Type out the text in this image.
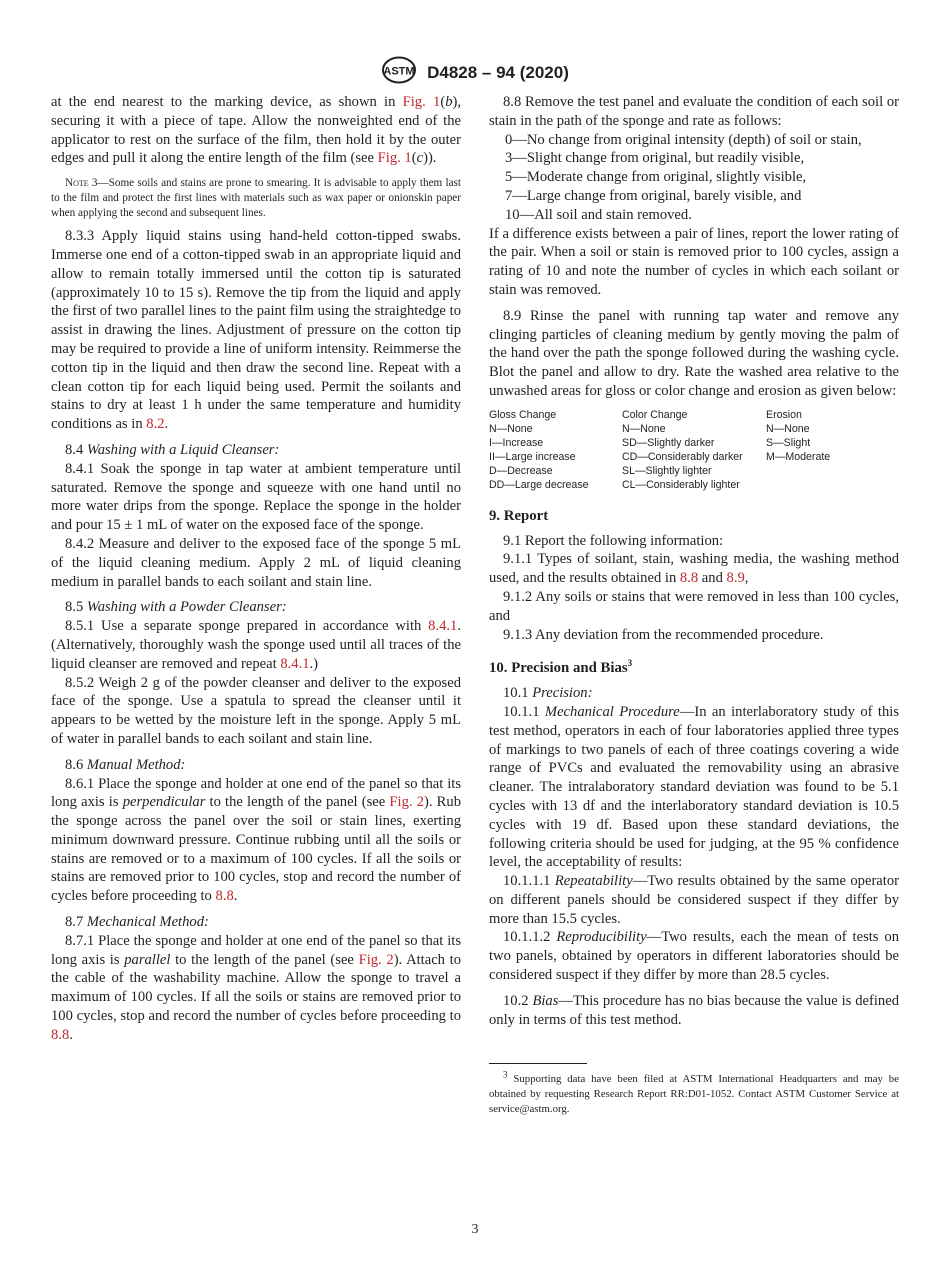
ASTM D4828 – 94 (2020)

at the end nearest to the marking device, as shown in Fig. 1(b), securing it with a piece of tape. Allow the nonweighted end of the applicator to rest on the surface of the film, then hold it by the outer edges and pull it along the entire length of the film (see Fig. 1(c)).

Note 3—Some soils and stains are prone to smearing. It is advisable to apply them last to the film and protect the first lines with materials such as wax paper or onionskin paper when applying the second and subsequent lines.

8.3.3 Apply liquid stains using hand-held cotton-tipped swabs. Immerse one end of a cotton-tipped swab in an appropriate liquid and allow to remain totally immersed until the cotton tip is saturated (approximately 10 to 15 s). Remove the tip from the liquid and apply the first of two parallel lines to the paint film using the straightedge to assist in drawing the lines. Adjustment of pressure on the cotton tip may be required to provide a line of uniform intensity. Reimmerse the cotton tip in the liquid and then draw the second line. Repeat with a clean cotton tip for each liquid being used. Permit the soilants and stains to dry at least 1 h under the same temperature and humidity conditions as in 8.2.

8.4 Washing with a Liquid Cleanser:

8.4.1 Soak the sponge in tap water at ambient temperature until saturated. Remove the sponge and squeeze with one hand until no more water drips from the sponge. Replace the sponge in the holder and pour 15 ± 1 mL of water on the exposed face of the sponge.

8.4.2 Measure and deliver to the exposed face of the sponge 5 mL of the liquid cleaning medium. Apply 2 mL of liquid cleaning medium in parallel bands to each soilant and stain line.

8.5 Washing with a Powder Cleanser:

8.5.1 Use a separate sponge prepared in accordance with 8.4.1. (Alternatively, thoroughly wash the sponge used until all traces of the liquid cleanser are removed and repeat 8.4.1.)

8.5.2 Weigh 2 g of the powder cleanser and deliver to the exposed face of the sponge. Use a spatula to spread the cleanser until it appears to be wetted by the moisture left in the sponge. Apply 5 mL of water in parallel bands to each soilant and stain line.

8.6 Manual Method:

8.6.1 Place the sponge and holder at one end of the panel so that its long axis is perpendicular to the length of the panel (see Fig. 2). Rub the sponge across the panel over the soil or stain lines, exerting minimum downward pressure. Continue rubbing until all the soils or stains are removed or to a maximum of 100 cycles. If all the soils or stains are removed prior to 100 cycles, stop and record the number of cycles before proceeding to 8.8.

8.7 Mechanical Method:

8.7.1 Place the sponge and holder at one end of the panel so that its long axis is parallel to the length of the panel (see Fig. 2). Attach to the cable of the washability machine. Allow the sponge to travel a maximum of 100 cycles. If all the soils or stains are removed prior to 100 cycles, stop and record the number of cycles before proceeding to 8.8.

8.8 Remove the test panel and evaluate the condition of each soil or stain in the path of the sponge and rate as follows:

0—No change from original intensity (depth) of soil or stain,

3—Slight change from original, but readily visible,

5—Moderate change from original, slightly visible,

7—Large change from original, barely visible, and

10—All soil and stain removed.

If a difference exists between a pair of lines, report the lower rating of the pair. When a soil or stain is removed prior to 100 cycles, assign a rating of 10 and note the number of cycles in which each soilant or stain was removed.

8.9 Rinse the panel with running tap water and remove any clinging particles of cleaning medium by gently moving the palm of the hand over the path the sponge followed during the washing cycle. Blot the panel and allow to dry. Rate the washed area relative to the unwashed areas for gloss or color change and erosion as given below:

Gloss Change	Color Change	Erosion
N—None	N—None	N—None
I—Increase	SD—Slightly darker	S—Slight
II—Large increase	CD—Considerably darker	M—Moderate
D—Decrease	SL—Slightly lighter	
DD—Large decrease	CL—Considerably lighter	

9. Report

9.1 Report the following information:

9.1.1 Types of soilant, stain, washing media, the washing method used, and the results obtained in 8.8 and 8.9,

9.1.2 Any soils or stains that were removed in less than 100 cycles, and

9.1.3 Any deviation from the recommended procedure.

10. Precision and Bias$^3$

10.1 Precision:

10.1.1 Mechanical Procedure—In an interlaboratory study of this test method, operators in each of four laboratories applied three types of markings to two panels of each of three coatings covering a wide range of PVCs and evaluated the removability using an abrasive cleaner. The intralaboratory standard deviation was found to be 5.1 cycles with 13 df and the interlaboratory standard deviation is 10.5 cycles with 19 df. Based upon these standard deviations, the following criteria should be used for judging, at the 95 % confidence level, the acceptability of results:

10.1.1.1 Repeatability—Two results obtained by the same operator on different panels should be considered suspect if they differ by more than 15.5 cycles.

10.1.1.2 Reproducibility—Two results, each the mean of tests on two panels, obtained by operators in different laboratories should be considered suspect if they differ by more than 28.5 cycles.

10.2 Bias—This procedure has no bias because the value is defined only in terms of this test method.

$^3$ Supporting data have been filed at ASTM International Headquarters and may be obtained by requesting Research Report RR:D01-1052. Contact ASTM Customer Service at service@astm.org.

3
